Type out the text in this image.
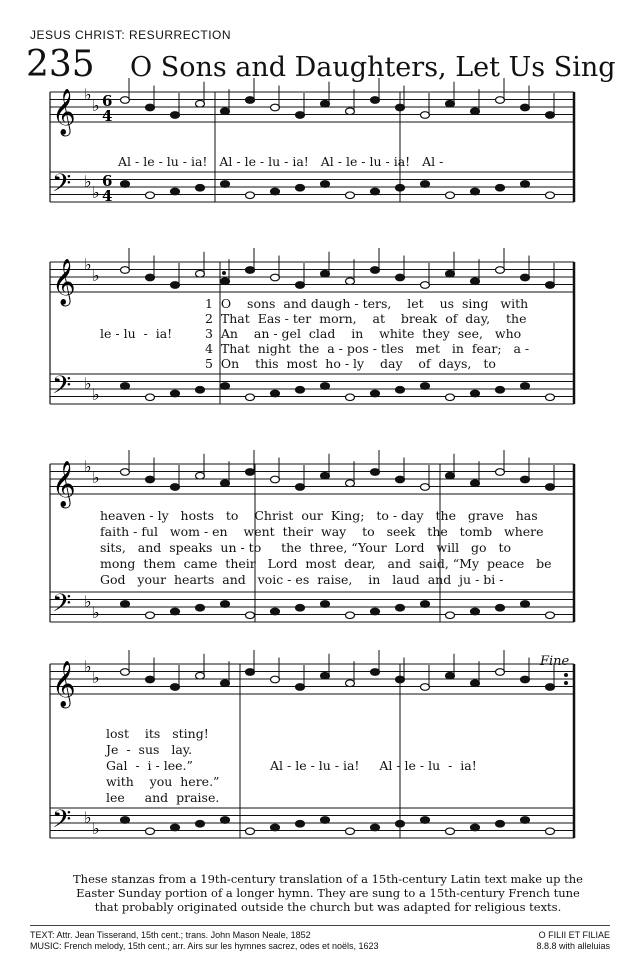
JESUS CHRIST: RESURRECTION
235 O Sons and Daughters, Let Us Sing
𝄞 ♭
♭ 6
4
𝄢 ♭
♭
6
4
𝄞 ♭
♭
𝄢 ♭
♭
𝄞 ♭
♭
𝄢 ♭
♭
𝄞 ♭
♭
𝄢 ♭
♭
Al - le - lu - ia!   Al - le - lu - ia!   Al - le - lu - ia!   Al -
le - lu  -  ia!
1  O    sons  and daugh - ters,    let    us  sing   with
2  That  Eas - ter  morn,    at    break  of  day,    the
3  An    an - gel  clad    in    white  they  see,   who
4  That  night  the  a - pos - tles   met   in  fear;   a -
5  On    this  most  ho - ly    day    of  days,   to
heaven - ly   hosts   to    Christ  our  King;   to - day   the   grave   has
faith - ful   wom - en    went  their  way    to   seek   the   tomb   where
sits,   and  speaks  un - to     the  three, “Your  Lord   will   go   to
mong  them  came  their   Lord  most  dear,   and  said, “My  peace   be
God   your  hearts  and   voic - es  raise,    in   laud  and  ju - bi -
Fine
lost    its   sting!
Je  -  sus   lay.
Gal  -  i - lee.”
with    you  here.”
lee     and  praise.
Al - le - lu - ia!     Al - le - lu  -  ia!
These stanzas from a 19th-century translation of a 15th-century Latin text make up the Easter Sunday portion of a longer hymn. They are sung to a 15th-century French tune that probably originated outside the church but was adapted for religious texts.
TEXT: Attr. Jean Tisserand, 15th cent.; trans. John Mason Neale, 1852
MUSIC: French melody, 15th cent.; arr. Airs sur les hymnes sacrez, odes et noëls, 1623
O FILII ET FILIAE
8.8.8 with alleluias
